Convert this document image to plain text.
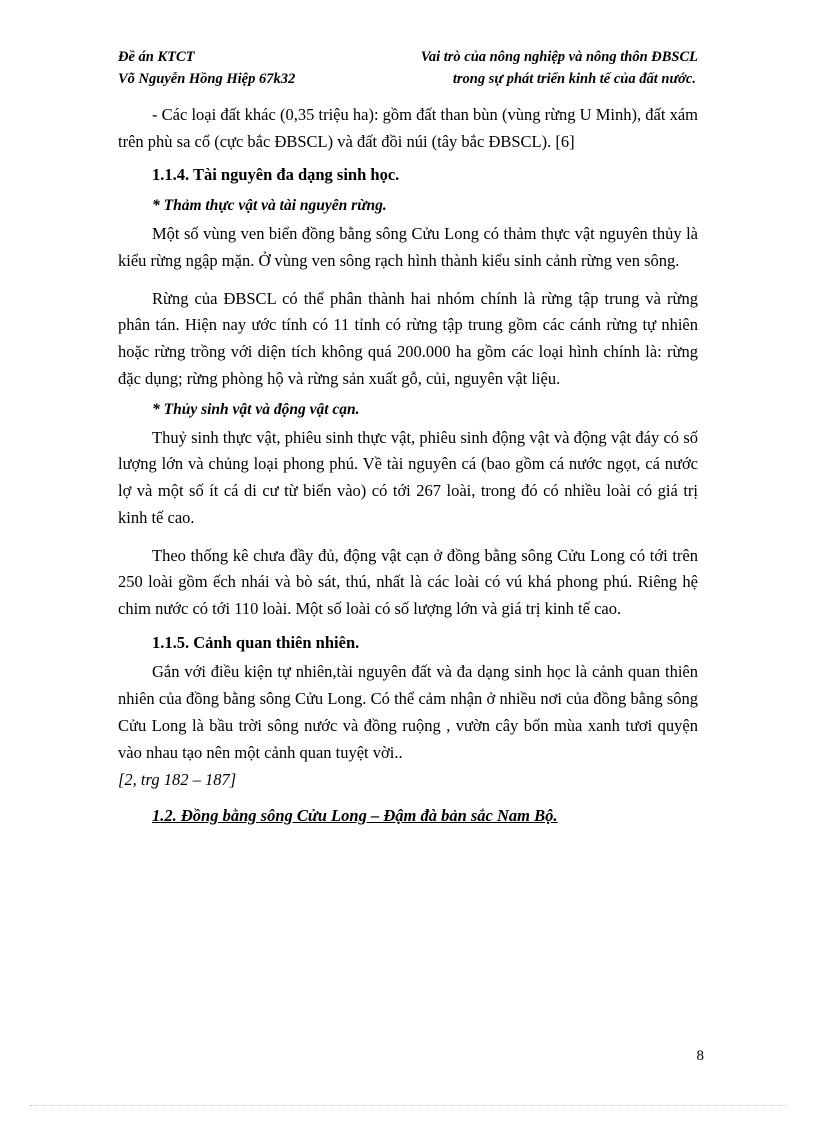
Đề án KTCT
Võ Nguyễn Hồng Hiệp 67k32
Vai trò của nông nghiệp và nông thôn ĐBSCL
trong sự phát triển kinh tế của đất nước.

- Các loại đất khác (0,35 triệu ha): gồm đất than bùn (vùng rừng U Minh), đất xám trên phù sa cổ (cực bắc ĐBSCL) và đất đồi núi (tây bắc ĐBSCL). [6]

1.1.4. Tài nguyên đa dạng sinh học.

* Thảm thực vật và tài nguyên rừng.

Một số vùng ven biển đồng bằng sông Cửu Long có thảm thực vật nguyên thủy là kiểu rừng ngập mặn. Ở vùng ven sông rạch hình thành kiểu sinh cảnh rừng ven sông.

Rừng của ĐBSCL có thể phân thành hai nhóm chính là rừng tập trung và rừng phân tán. Hiện nay ước tính có 11 tỉnh có rừng tập trung gồm các cánh rừng tự nhiên hoặc rừng trồng với diện tích không quá 200.000 ha gồm các loại hình chính là: rừng đặc dụng; rừng phòng hộ và rừng sản xuất gỗ, củi, nguyên vật liệu.

* Thủy sinh vật và động vật cạn.

Thuỷ sinh thực vật, phiêu sinh thực vật, phiêu sinh động vật và động vật đáy có số lượng lớn và chủng loại phong phú. Về tài nguyên cá (bao gồm cá nước ngọt, cá nước lợ và một số ít cá di cư từ biển vào) có tới 267 loài, trong đó có nhiều loài có giá trị kinh tế cao.

Theo thống kê chưa đầy đủ, động vật cạn ở đồng bằng sông Cửu Long có tới trên 250 loài gồm ếch nhái và bò sát, thú, nhất là các loài có vú khá phong phú. Riêng hệ chim nước có tới 110 loài. Một số loài có số lượng lớn và giá trị kinh tế cao.

1.1.5. Cảnh quan thiên nhiên.

Gắn với điều kiện tự nhiên,tài nguyên đất và đa dạng sinh học là cảnh quan thiên nhiên của đồng bằng sông Cửu Long. Có thể cảm nhận ở nhiều nơi của đồng bằng sông Cửu Long là bầu trời sông nước và đồng ruộng , vườn cây bốn mùa xanh tươi quyện vào nhau tạo nên một cảnh quan tuyệt vời..

[2, trg 182 – 187]

1.2. Đồng bằng sông Cửu Long – Đậm đà bản sắc Nam Bộ.

8
